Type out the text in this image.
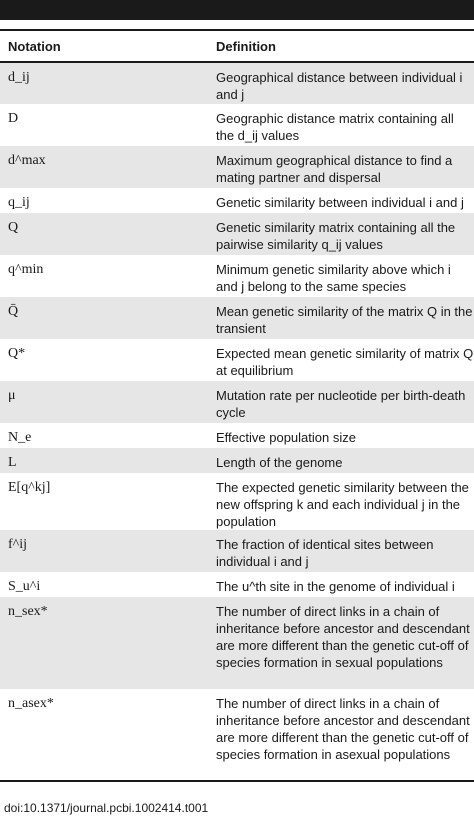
Notation	Definition
d_ij	Geographical distance between individual i and j
D	Geographic distance matrix containing all the d_ij values
d^max	Maximum geographical distance to find a mating partner and dispersal
q_ij	Genetic similarity between individual i and j
Q	Genetic similarity matrix containing all the pairwise similarity q_ij values
q^min	Minimum genetic similarity above which i and j belong to the same species
Q̄	Mean genetic similarity of the matrix Q in the transient
Q*	Expected mean genetic similarity of matrix Q at equilibrium
μ	Mutation rate per nucleotide per birth-death cycle
N_e	Effective population size
L	Length of the genome
E[q^kj]	The expected genetic similarity between the new offspring k and each individual j in the population
f^ij	The fraction of identical sites between individual i and j
S_u^i	The u^th site in the genome of individual i
n_sex*	The number of direct links in a chain of inheritance before ancestor and descendant are more different than the genetic cut-off of species formation in sexual populations
n_asex*	The number of direct links in a chain of inheritance before ancestor and descendant are more different than the genetic cut-off of species formation in asexual populations
doi:10.1371/journal.pcbi.1002414.t001
